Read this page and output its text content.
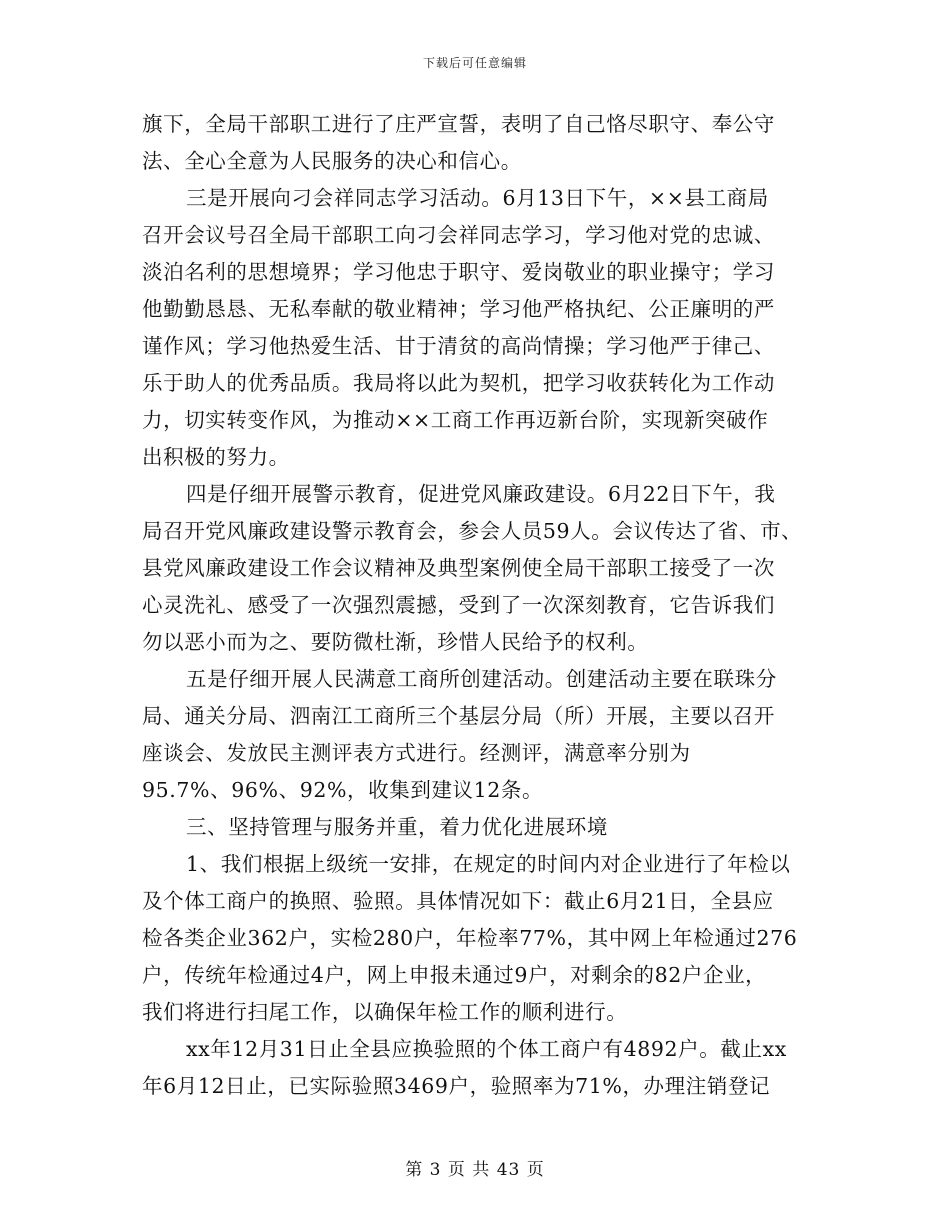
下载后可任意编辑
旗下，全局干部职工进行了庄严宣誓，表明了自己恪尽职守、奉公守
法、全心全意为人民服务的决心和信心。
三是开展向刁会祥同志学习活动。6月13日下午，××县工商局
召开会议号召全局干部职工向刁会祥同志学习，学习他对党的忠诚、
淡泊名利的思想境界；学习他忠于职守、爱岗敬业的职业操守；学习
他勤勤恳恳、无私奉献的敬业精神；学习他严格执纪、公正廉明的严
谨作风；学习他热爱生活、甘于清贫的高尚情操；学习他严于律己、
乐于助人的优秀品质。我局将以此为契机，把学习收获转化为工作动
力，切实转变作风，为推动××工商工作再迈新台阶，实现新突破作
出积极的努力。
四是仔细开展警示教育，促进党风廉政建设。6月22日下午，我
局召开党风廉政建设警示教育会，参会人员59人。会议传达了省、市、
县党风廉政建设工作会议精神及典型案例使全局干部职工接受了一次
心灵洗礼、感受了一次强烈震撼，受到了一次深刻教育，它告诉我们
勿以恶小而为之、要防微杜渐，珍惜人民给予的权利。
五是仔细开展人民满意工商所创建活动。创建活动主要在联珠分
局、通关分局、泗南江工商所三个基层分局（所）开展，主要以召开
座谈会、发放民主测评表方式进行。经测评，满意率分别为
95.7%、96%、92%，收集到建议12条。
三、坚持管理与服务并重，着力优化进展环境
1、我们根据上级统一安排，在规定的时间内对企业进行了年检以
及个体工商户的换照、验照。具体情况如下：截止6月21日，全县应
检各类企业362户，实检280户，年检率77%，其中网上年检通过276
户，传统年检通过4户，网上申报未通过9户，对剩余的82户企业，
我们将进行扫尾工作，以确保年检工作的顺利进行。
xx年12月31日止全县应换验照的个体工商户有4892户。截止xx
年6月12日止，已实际验照3469户，验照率为71%，办理注销登记
第 3 页 共 43 页
